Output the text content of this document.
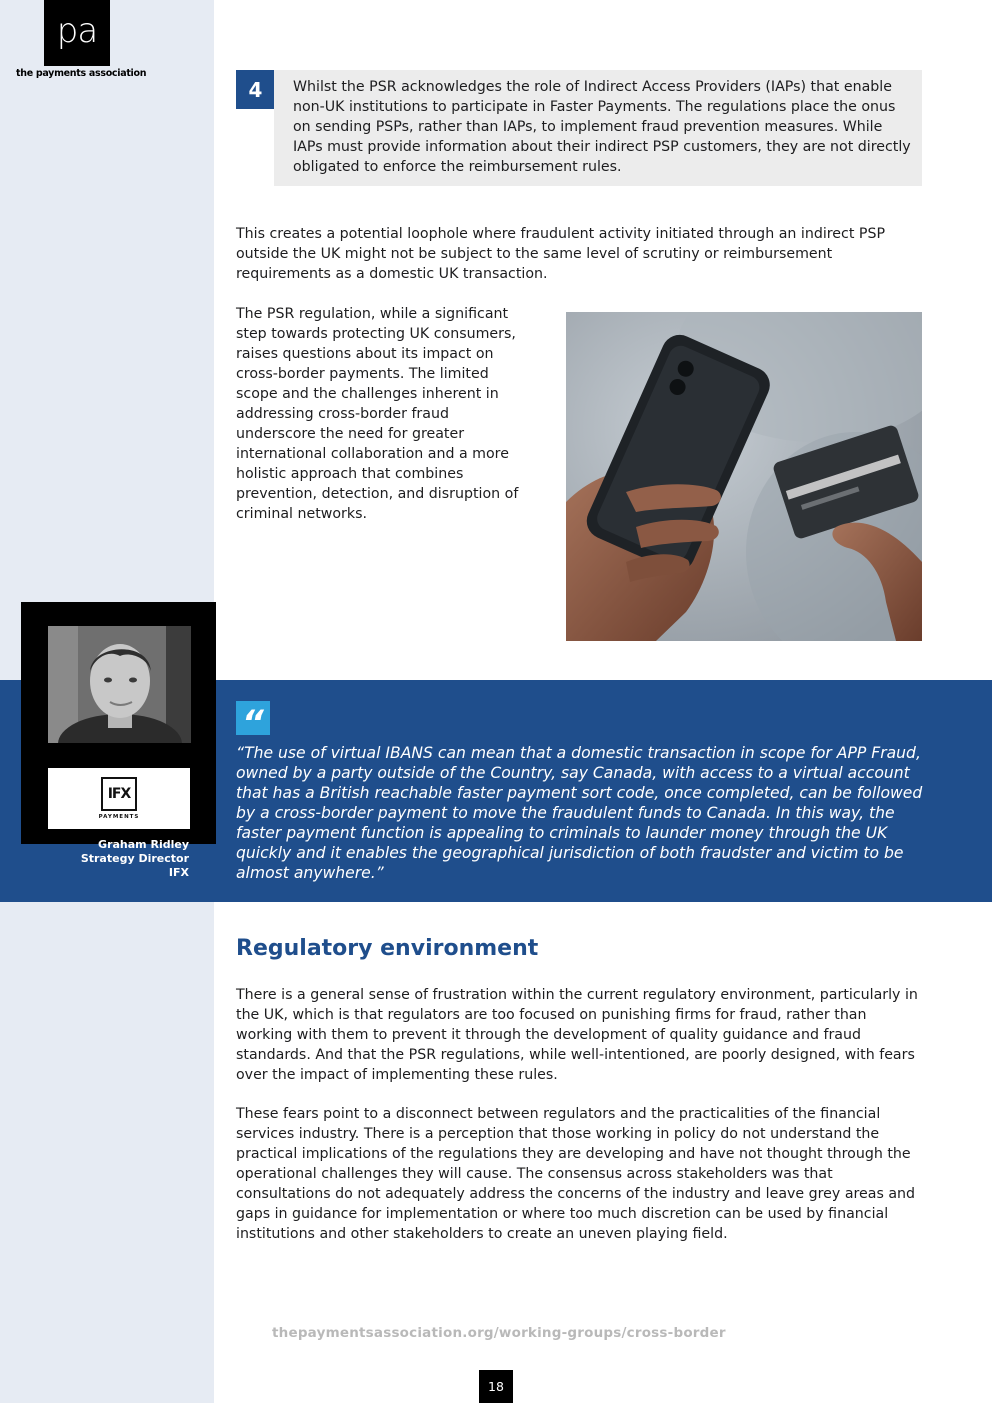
pa
the payments association
4	Whilst the PSR acknowledges the role of Indirect Access Providers (IAPs) that enable non-UK institutions to participate in Faster Payments. The regulations place the onus on sending PSPs, rather than IAPs, to implement fraud prevention measures. While IAPs must provide information about their indirect PSP customers, they are not directly obligated to enforce the reimbursement rules.

This creates a potential loophole where fraudulent activity initiated through an indirect PSP outside the UK might not be subject to the same level of scrutiny or reimbursement requirements as a domestic UK transaction.

The PSR regulation, while a significant step towards protecting UK consumers, raises questions about its impact on cross-border payments. The limited scope and the challenges inherent in addressing cross-border fraud underscore the need for greater international collaboration and a more holistic approach that combines prevention, detection, and disruption of criminal networks.

IFX
PAYMENTS
Graham Ridley
Strategy Director
IFX
“

“The use of virtual IBANS can mean that a domestic transaction in scope for APP Fraud, owned by a party outside of the Country, say Canada, with access to a virtual account that has a British reachable faster payment sort code, once completed, can be followed by a cross-border payment to move the fraudulent funds to Canada. In this way, the faster payment function is appealing to criminals to launder money through the UK quickly and it enables the geographical jurisdiction of both fraudster and victim to be almost anywhere.”

Regulatory environment

There is a general sense of frustration within the current regulatory environment, particularly in the UK, which is that regulators are too focused on punishing firms for fraud, rather than working with them to prevent it through the development of quality guidance and fraud standards. And that the PSR regulations, while well-intentioned, are poorly designed, with fears over the impact of implementing these rules.

These fears point to a disconnect between regulators and the practicalities of the financial services industry. There is a perception that those working in policy do not understand the practical implications of the regulations they are developing and have not thought through the operational challenges they will cause. The consensus across stakeholders was that consultations do not adequately address the concerns of the industry and leave grey areas and gaps in guidance for implementation or where too much discretion can be used by financial institutions and other stakeholders to create an uneven playing field.

thepaymentsassociation.org/working-groups/cross-border
18
